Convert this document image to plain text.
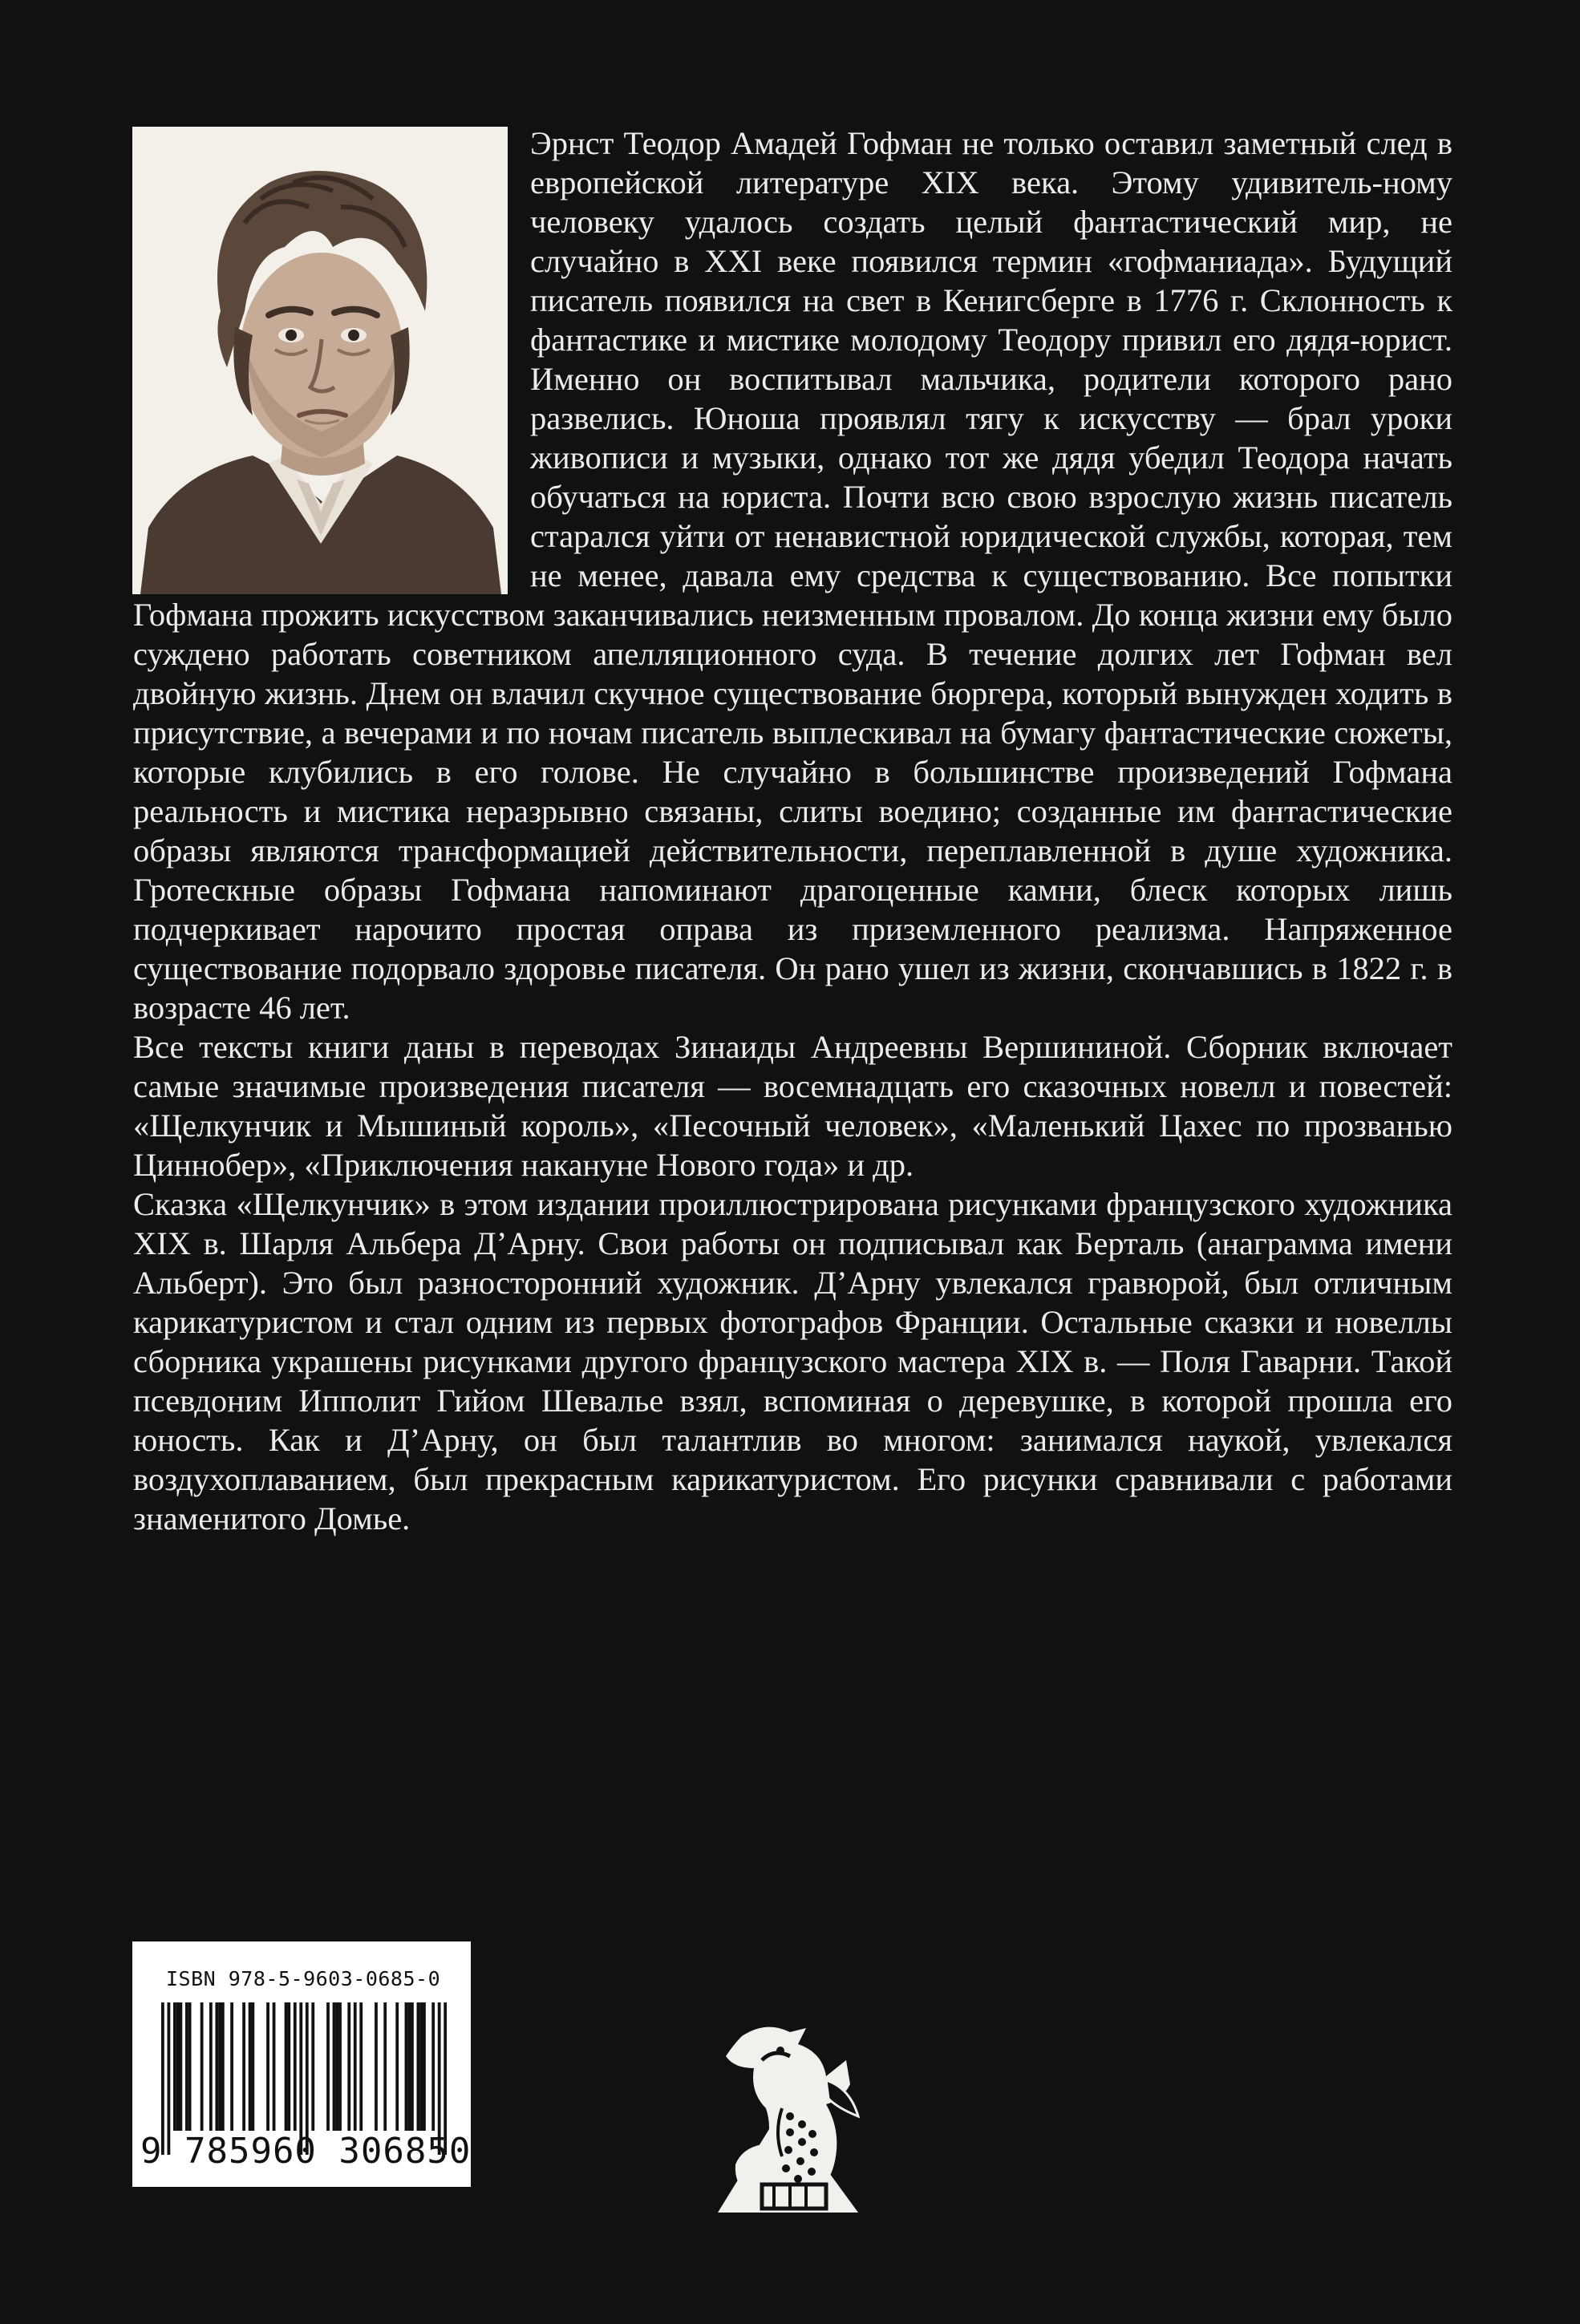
Эрнст Теодор Амадей Гофман не только оставил заметный след в европейской литературе XIX века. Этому удивитель-ному человеку удалось создать целый фантастический мир, не случайно в XXI веке появился термин «гофманиада». Будущий писатель появился на свет в Кенигсберге в 1776 г. Склонность к фантастике и мистике молодому Теодору привил его дядя-юрист. Именно он воспитывал мальчика, родители которого рано развелись. Юноша проявлял тягу к искусству — брал уроки живописи и музыки, однако тот же дядя убедил Теодора начать обучаться на юриста. Почти всю свою взрослую жизнь писатель старался уйти от ненавистной юридической службы, которая, тем не менее, давала ему средства к существованию. Все попытки Гофмана прожить искусством заканчивались неизменным провалом. До конца жизни ему было суждено работать советником апелляционного суда. В течение долгих лет Гофман вел двойную жизнь. Днем он влачил скучное существование бюргера, который вынужден ходить в присутствие, а вечерами и по ночам писатель выплескивал на бумагу фантастические сюжеты, которые клубились в его голове. Не случайно в большинстве произведений Гофмана реальность и мистика неразрывно связаны, слиты воедино; созданные им фантастические образы являются трансформацией действительности, переплавленной в душе художника. Гротескные образы Гофмана напоминают драгоценные камни, блеск которых лишь подчеркивает нарочито простая оправа из приземленного реализма. Напряженное существование подорвало здоровье писателя. Он рано ушел из жизни, скончавшись в 1822 г. в возрасте 46 лет.

Все тексты книги даны в переводах Зинаиды Андреевны Вершининой. Сборник включает самые значимые произведения писателя — восемнадцать его сказочных новелл и повестей: «Щелкунчик и Мышиный король», «Песочный человек», «Маленький Цахес по прозванью Циннобер», «Приключения накануне Нового года» и др.

Сказка «Щелкунчик» в этом издании проиллюстрирована рисунками французского художника XIX в. Шарля Альбера Д’Арну. Свои работы он подписывал как Берталь (анаграмма имени Альберт). Это был разносторонний художник. Д’Арну увлекался гравюрой, был отличным карикатуристом и стал одним из первых фотографов Франции. Остальные сказки и новеллы сборника украшены рисунками другого французского мастера XIX в. — Поля Гаварни. Такой псевдоним Ипполит Гийом Шевалье взял, вспоминая о деревушке, в которой прошла его юность. Как и Д’Арну, он был талантлив во многом: занимался наукой, увлекался воздухоплаванием, был прекрасным карикатуристом. Его рисунки сравнивали с работами знаменитого Домье.

ISBN 978-5-9603-0685-0
9 785960 306850 >
